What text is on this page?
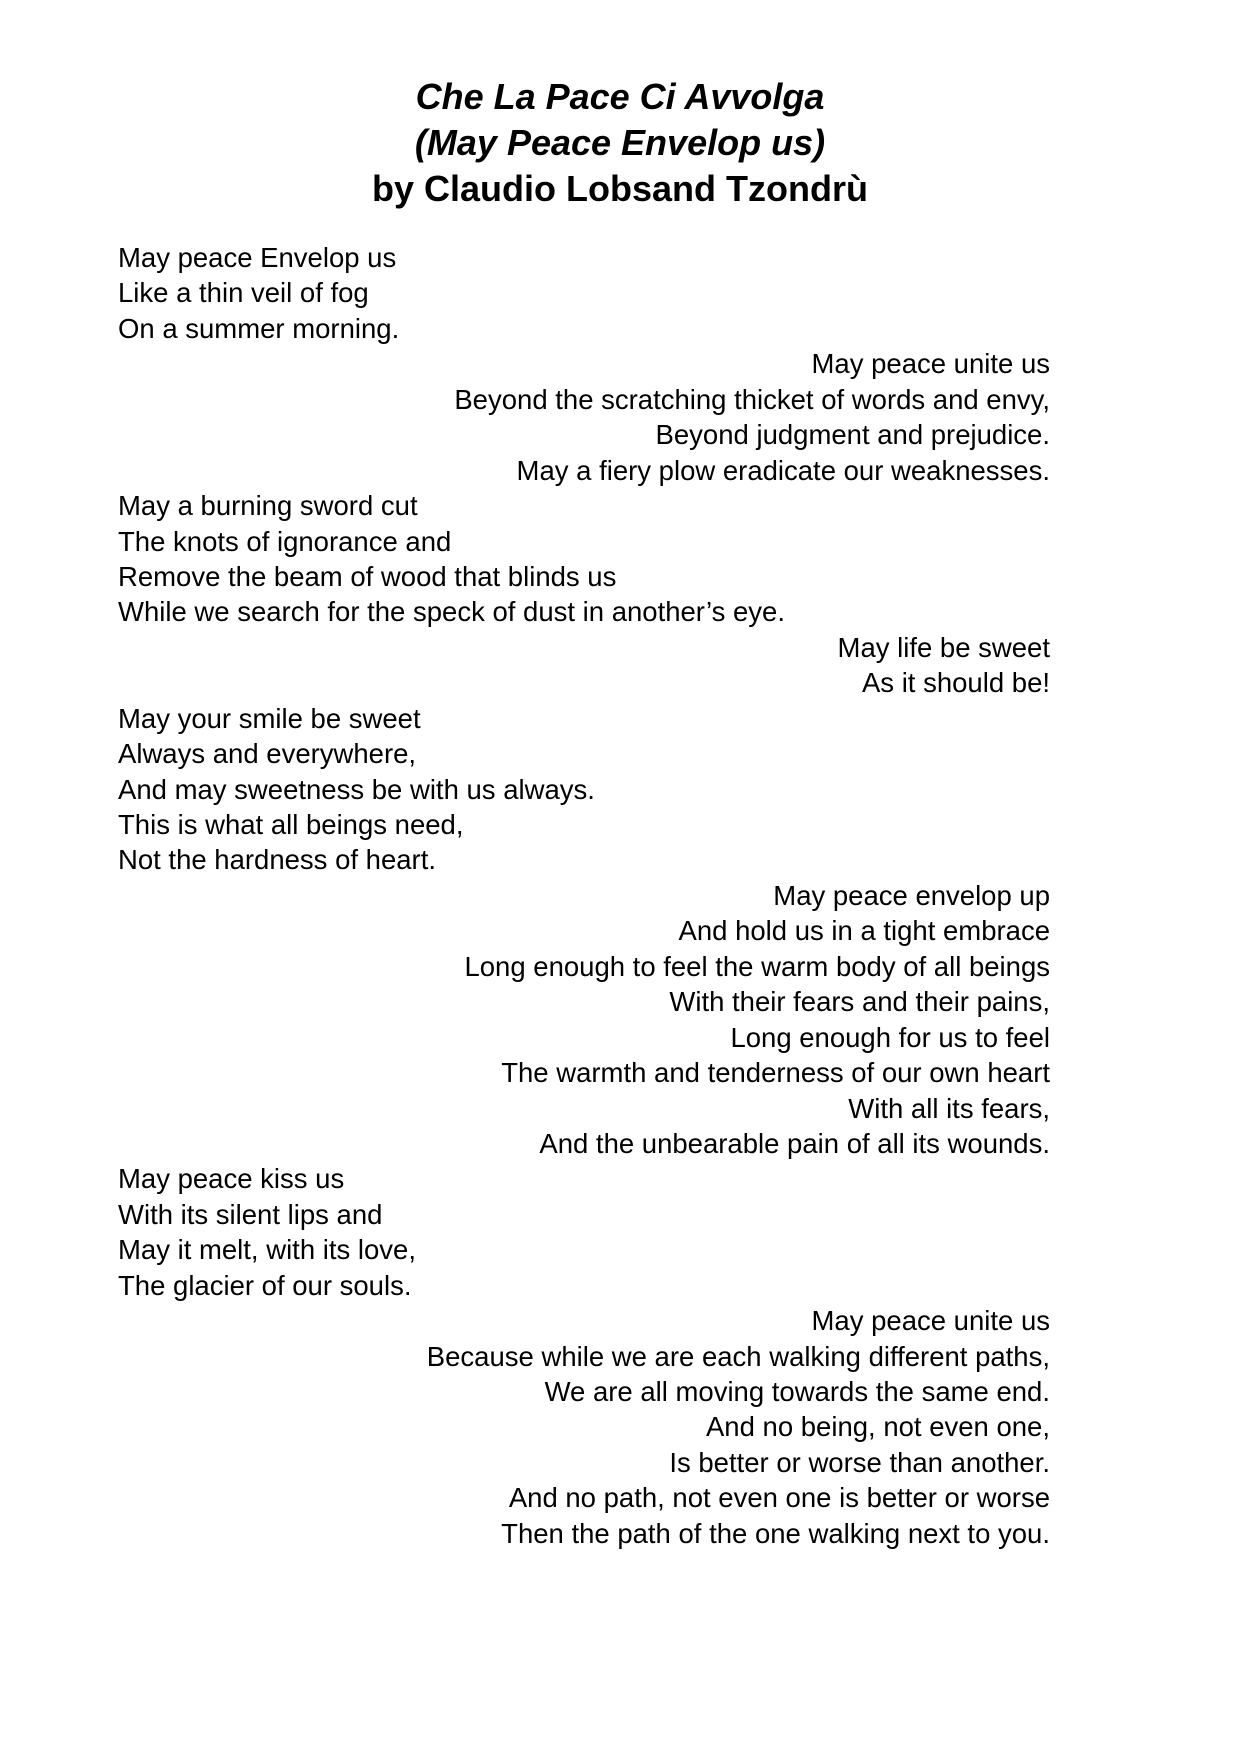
Che La Pace Ci Avvolga
(May Peace Envelop us)
by Claudio Lobsand Tzondrù
May peace Envelop us
Like a thin veil of fog
On a summer morning.
May peace unite us
Beyond the scratching thicket of words and envy,
Beyond judgment and prejudice.
May a fiery plow eradicate our weaknesses.
May a burning sword cut
The knots of ignorance and
Remove the beam of wood that blinds us
While we search for the speck of dust in another’s eye.
May life be sweet
As it should be!
May your smile be sweet
Always and everywhere,
And may sweetness be with us always.
This is what all beings need,
Not the hardness of heart.
May peace envelop up
And hold us in a tight embrace
Long enough to feel the warm body of all beings
With their fears and their pains,
Long enough for us to feel
The warmth and tenderness of our own heart
With all its fears,
And the unbearable pain of all its wounds.
May peace kiss us
With its silent lips and
May it melt, with its love,
The glacier of our souls.
May peace unite us
Because while we are each walking different paths,
We are all moving towards the same end.
And no being, not even one,
Is better or worse than another.
And no path, not even one is better or worse
Then the path of the one walking next to you.
